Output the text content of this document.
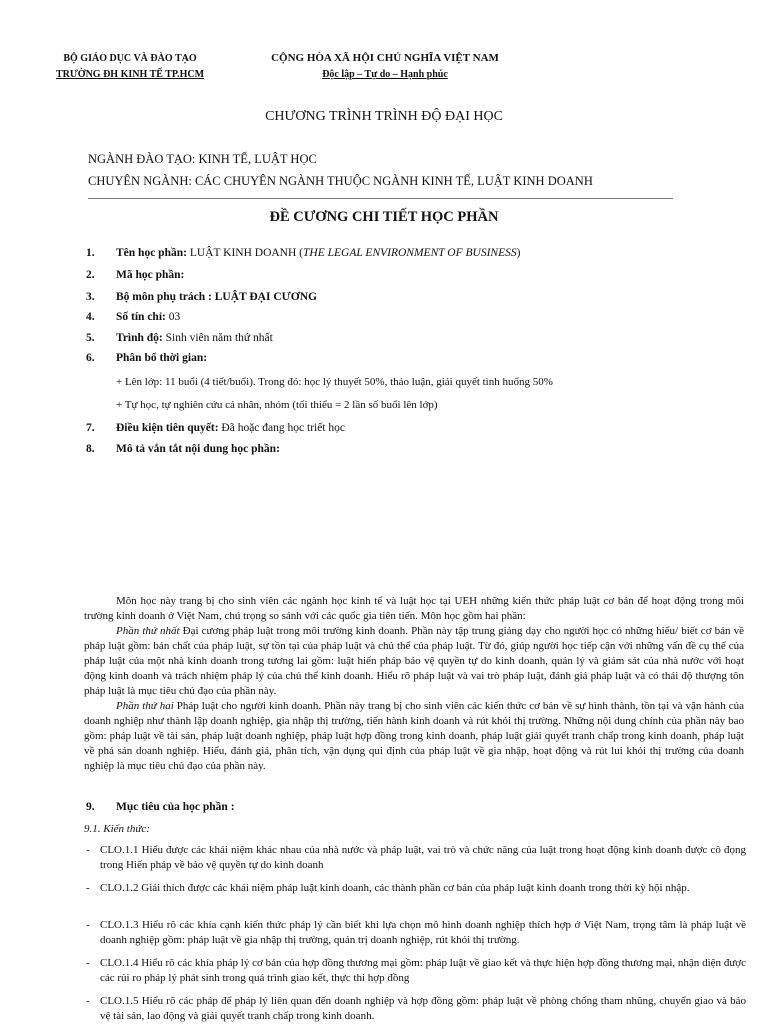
BỘ GIÁO DỤC VÀ ĐÀO TẠO
TRƯỜNG ĐH KINH TẾ TP.HCM
CỘNG HÒA XÃ HỘI CHỦ NGHĨA VIỆT NAM
Độc lập – Tự do – Hạnh phúc
CHƯƠNG TRÌNH TRÌNH ĐỘ ĐẠI HỌC
NGÀNH ĐÀO TẠO: KINH TẾ, LUẬT HỌC
CHUYÊN NGÀNH: CÁC CHUYÊN NGÀNH THUỘC NGÀNH KINH TẾ, LUẬT KINH DOANH
ĐỀ CƯƠNG CHI TIẾT HỌC PHẦN
1. Tên học phần: LUẬT KINH DOANH (THE LEGAL ENVIRONMENT OF BUSINESS)
2. Mã học phần:
3. Bộ môn phụ trách : LUẬT ĐẠI CƯƠNG
4. Số tín chỉ: 03
5. Trình độ: Sinh viên năm thứ nhất
6. Phân bổ thời gian:
+ Lên lớp: 11 buổi (4 tiết/buổi). Trong đó: học lý thuyết 50%, thảo luận, giải quyết tình huống 50%
+ Tự học, tự nghiên cứu cá nhân, nhóm (tối thiểu = 2 lần số buổi lên lớp)
7. Điều kiện tiên quyết: Đã hoặc đang học triết học
8. Mô tả vắn tắt nội dung học phần:

Môn học này trang bị cho sinh viên các ngành học kinh tế và luật học tại UEH những kiến thức pháp luật cơ bản để hoạt động trong môi trường kinh doanh ở Việt Nam, chú trọng so sánh với các quốc gia tiên tiến. Môn học gồm hai phần:

Phần thứ nhất Đại cương pháp luật trong môi trường kinh doanh. Phần này tập trung giảng dạy cho người học có những hiểu/ biết cơ bản về pháp luật gồm: bản chất của pháp luật, sự tồn tại của pháp luật và chủ thể của pháp luật. Từ đó, giúp người học tiếp cận với những vấn đề cụ thể của pháp luật của một nhà kinh doanh trong tương lai gồm: luật hiến pháp bảo vệ quyền tự do kinh doanh, quản lý và giám sát của nhà nước với hoạt động kinh doanh và trách nhiệm pháp lý của chủ thể kinh doanh. Hiểu rõ pháp luật và vai trò pháp luật, đánh giá pháp luật và có thái độ thượng tôn pháp luật là mục tiêu chủ đạo của phần này.

Phần thứ hai Pháp luật cho người kinh doanh. Phần này trang bị cho sinh viên các kiến thức cơ bản về sự hình thành, tồn tại và vận hành của doanh nghiệp như thành lập doanh nghiệp, gia nhập thị trường, tiến hành kinh doanh và rút khỏi thị trường. Những nội dung chính của phần này bao gồm: pháp luật về tài sản, pháp luật doanh nghiệp, pháp luật hợp đồng trong kinh doanh, pháp luật giải quyết tranh chấp trong kinh doanh, pháp luật về phá sản doanh nghiệp. Hiểu, đánh giá, phân tích, vận dụng qui định của pháp luật về gia nhập, hoạt động và rút lui khỏi thị trường của doanh nghiệp là mục tiêu chủ đạo của phần này.

9. Mục tiêu của học phần :
9.1. Kiến thức:
- CLO.1.1 Hiểu được các khái niệm khác nhau của nhà nước và pháp luật, vai trò và chức năng của luật trong hoạt động kinh doanh được cô đọng trong Hiến pháp về bảo vệ quyền tự do kinh doanh
- CLO.1.2 Giải thích được các khái niệm pháp luật kinh doanh, các thành phần cơ bản của pháp luật kinh doanh trong thời kỳ hội nhập.
- CLO.1.3 Hiểu rõ các khía cạnh kiến thức pháp lý cần biết khi lựa chọn mô hình doanh nghiệp thích hợp ở Việt Nam, trọng tâm là pháp luật về doanh nghiệp gồm: pháp luật về gia nhập thị trường, quản trị doanh nghiệp, rút khỏi thị trường.
- CLO.1.4 Hiểu rõ các khía pháp lý cơ bản của hợp đồng thương mại gồm: pháp luật về giao kết và thực hiện hợp đồng thương mại, nhận diện được các rủi ro pháp lý phát sinh trong quá trình giao kết, thực thi hợp đồng
- CLO.1.5 Hiểu rõ các pháp để pháp lý liên quan đến doanh nghiệp và hợp đồng gồm: pháp luật về phòng chống tham nhũng, chuyển giao và bảo vệ tài sản, lao động và giải quyết tranh chấp trong kinh doanh.
